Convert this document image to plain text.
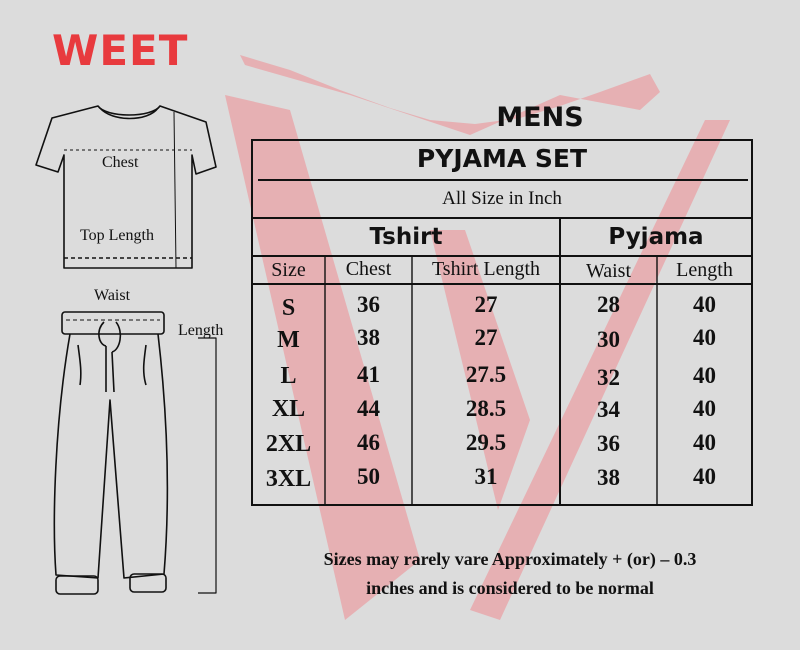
WEET
Chest
Top Length
Waist
Length
MENS
PYJAMA SET
All Size in Inch
Tshirt	Pyjama
Size	Chest	Tshirt Length	Waist	Length
S	36	27	28	40
M	38	27	30	40
L	41	27.5	32	40
XL	44	28.5	34	40
2XL	46	29.5	36	40
3XL	50	31	38	40
Sizes may rarely vare Approximately + (or) – 0.3
inches and is considered to be normal
